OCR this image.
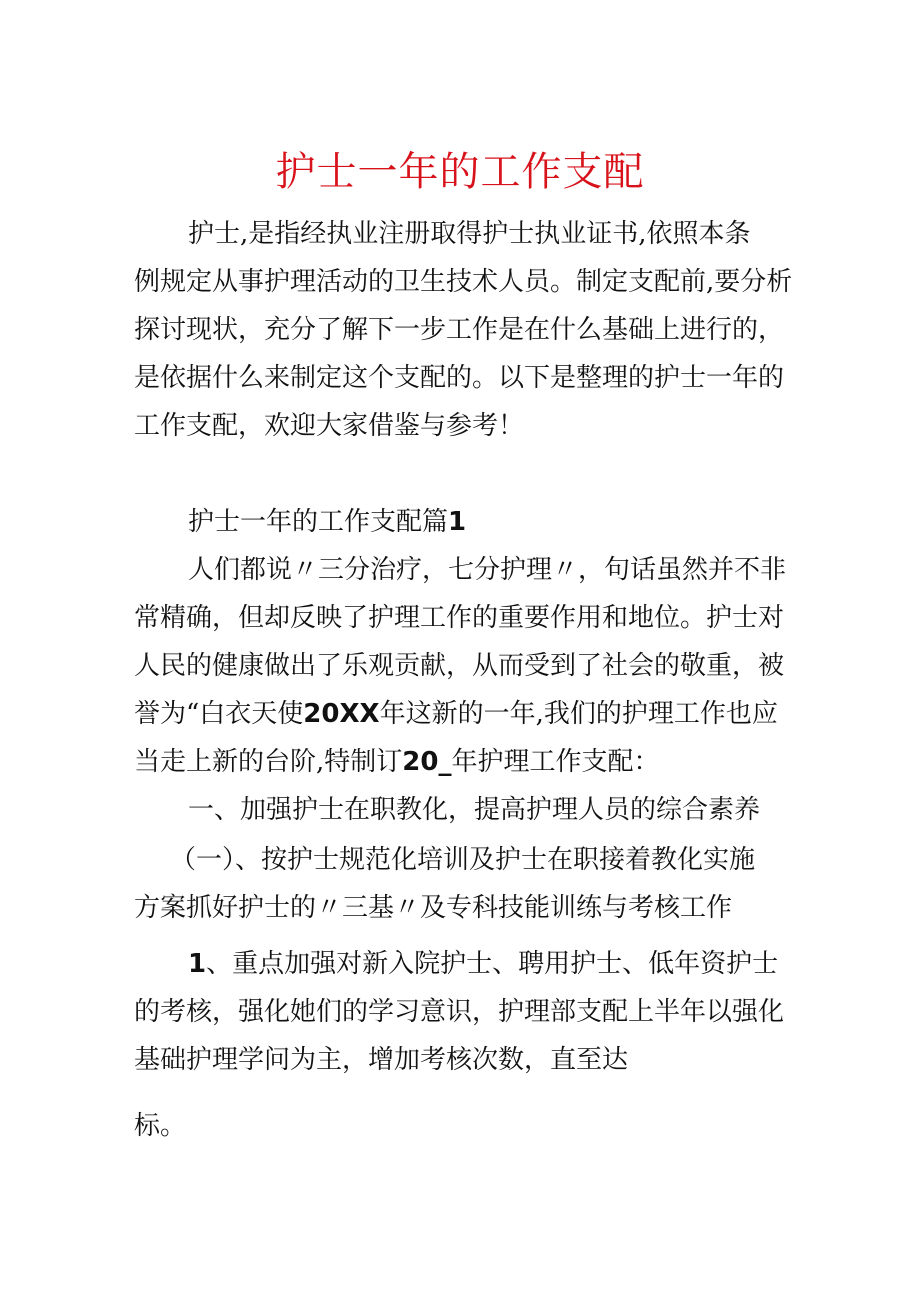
护士一年的工作支配
护士,是指经执业注册取得护士执业证书,依照本条
例规定从事护理活动的卫生技术人员。制定支配前,要分析
探讨现状，充分了解下一步工作是在什么基础上进行的，
是依据什么来制定这个支配的。以下是整理的护士一年的
工作支配，欢迎大家借鉴与参考！
护士一年的工作支配篇1
人们都说〃三分治疗，七分护理〃，句话虽然并不非
常精确，但却反映了护理工作的重要作用和地位。护士对
人民的健康做出了乐观贡献，从而受到了社会的敬重，被
誉为“白衣天使20XX年这新的一年,我们的护理工作也应
当走上新的台阶,特制订20_年护理工作支配：
一、加强护士在职教化，提高护理人员的综合素养
（一）、按护士规范化培训及护士在职接着教化实施
方案抓好护士的〃三基〃及专科技能训练与考核工作
1、重点加强对新入院护士、聘用护士、低年资护士
的考核，强化她们的学习意识，护理部支配上半年以强化
基础护理学问为主，增加考核次数，直至达
标。
